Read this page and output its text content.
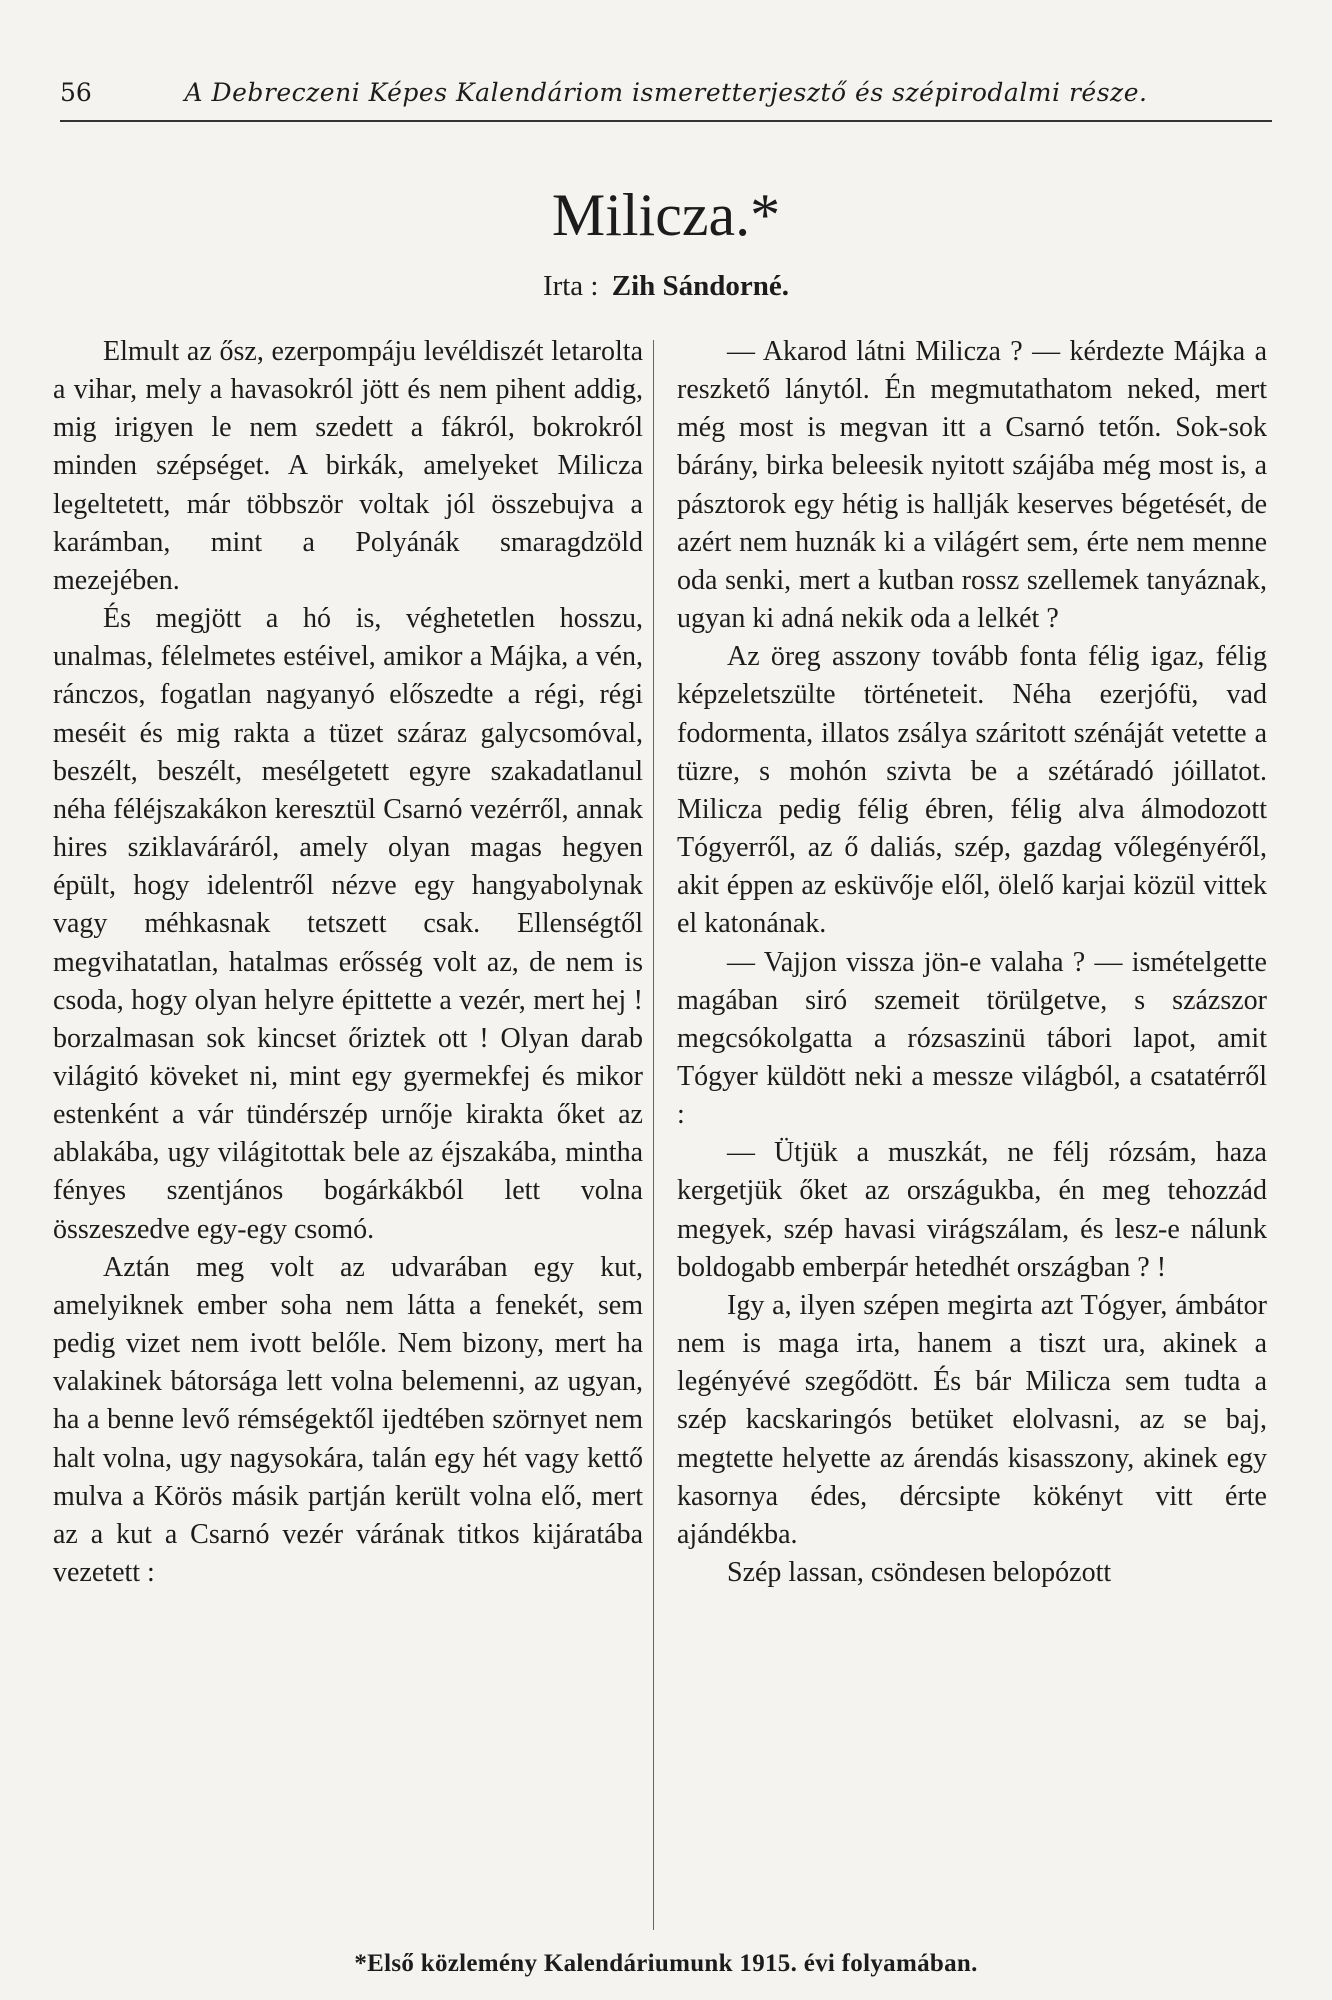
56	A Debreczeni Képes Kalendáriom ismeretterjesztő és szépirodalmi része.
Milicza.*
Irta : Zih Sándorné.

Elmult az ősz, ezerpompáju levéldiszét letarolta a vihar, mely a havasokról jött és nem pihent addig, mig irigyen le nem szedett a fákról, bokrokról minden szépséget. A birkák, amelyeket Milicza legeltetett, már többször voltak jól összebujva a karámban, mint a Polyánák smaragdzöld mezejében.

És megjött a hó is, véghetetlen hosszu, unalmas, félelmetes estéivel, amikor a Májka, a vén, ránczos, fogatlan nagyanyó előszedte a régi, régi meséit és mig rakta a tüzet száraz galycsomóval, beszélt, beszélt, mesélgetett egyre szakadatlanul néha féléjszakákon keresztül Csarnó vezérről, annak hires sziklaváráról, amely olyan magas hegyen épült, hogy idelentről nézve egy hangyabolynak vagy méhkasnak tetszett csak. Ellenségtől megvihatatlan, hatalmas erősség volt az, de nem is csoda, hogy olyan helyre épittette a vezér, mert hej ! borzalmasan sok kincset őriztek ott ! Olyan darab világitó köveket ni, mint egy gyermekfej és mikor estenként a vár tündérszép urnője kirakta őket az ablakába, ugy világitottak bele az éjszakába, mintha fényes szentjános bogárkákból lett volna összeszedve egy-egy csomó.

Aztán meg volt az udvarában egy kut, amelyiknek ember soha nem látta a fenekét, sem pedig vizet nem ivott belőle. Nem bizony, mert ha valakinek bátorsága lett volna belemenni, az ugyan, ha a benne levő rémségektől ijedtében szörnyet nem halt volna, ugy nagysokára, talán egy hét vagy kettő mulva a Körös másik partján került volna elő, mert az a kut a Csarnó vezér várának titkos kijáratába vezetett :

— Akarod látni Milicza ? — kérdezte Májka a reszkető lánytól. Én megmutathatom neked, mert még most is megvan itt a Csarnó tetőn. Sok-sok bárány, birka beleesik nyitott szájába még most is, a pásztorok egy hétig is hallják keserves bégetését, de azért nem huznák ki a világért sem, érte nem menne oda senki, mert a kutban rossz szellemek tanyáznak, ugyan ki adná nekik oda a lelkét ?

Az öreg asszony tovább fonta félig igaz, félig képzeletszülte történeteit. Néha ezerjófü, vad fodormenta, illatos zsálya száritott szénáját vetette a tüzre, s mohón szivta be a szétáradó jóillatot. Milicza pedig félig ébren, félig alva álmodozott Tógyerről, az ő daliás, szép, gazdag vőlegényéről, akit éppen az esküvője elől, ölelő karjai közül vittek el katonának.

— Vajjon vissza jön-e valaha ? — ismételgette magában siró szemeit törülgetve, s százszor megcsókolgatta a rózsaszinü tábori lapot, amit Tógyer küldött neki a messze világból, a csatatérről :

— Ütjük a muszkát, ne félj rózsám, haza kergetjük őket az országukba, én meg tehozzád megyek, szép havasi virágszálam, és lesz-e nálunk boldogabb emberpár hetedhét országban ? !

Igy a, ilyen szépen megirta azt Tógyer, ámbátor nem is maga irta, hanem a tiszt ura, akinek a legényévé szegődött. És bár Milicza sem tudta a szép kacskaringós betüket elolvasni, az se baj, megtette helyette az árendás kisasszony, akinek egy kasornya édes, dércsipte kökényt vitt érte ajándékba.

Szép lassan, csöndesen belopózott

*Első közlemény Kalendáriumunk 1915. évi folyamában.
